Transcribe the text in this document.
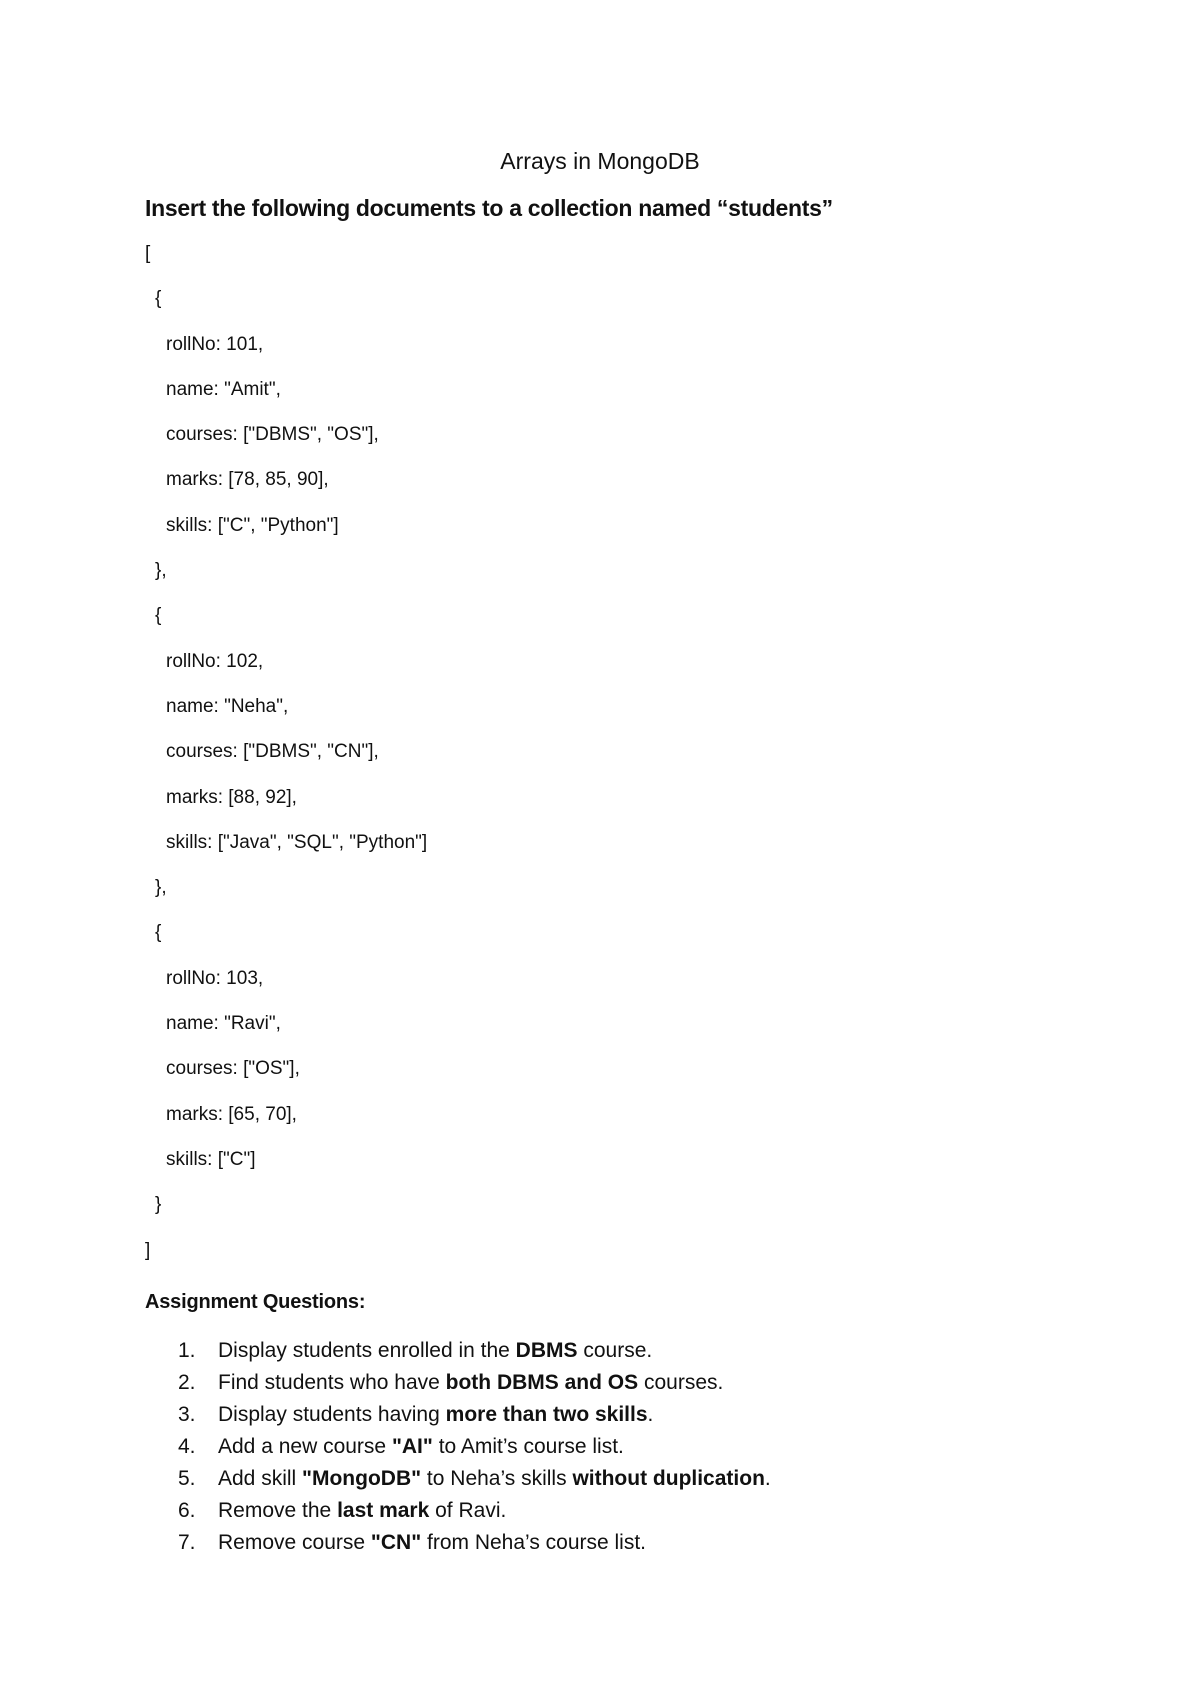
Arrays in MongoDB
Insert the following documents to a collection named “students”
[
{
rollNo: 101,
name: "Amit",
courses: ["DBMS", "OS"],
marks: [78, 85, 90],
skills: ["C", "Python"]
},
{
rollNo: 102,
name: "Neha",
courses: ["DBMS", "CN"],
marks: [88, 92],
skills: ["Java", "SQL", "Python"]
},
{
rollNo: 103,
name: "Ravi",
courses: ["OS"],
marks: [65, 70],
skills: ["C"]
}
]
Assignment Questions:
1.	Display students enrolled in the DBMS course.
2.	Find students who have both DBMS and OS courses.
3.	Display students having more than two skills.
4.	Add a new course "AI" to Amit’s course list.
5.	Add skill "MongoDB" to Neha’s skills without duplication.
6.	Remove the last mark of Ravi.
7.	Remove course "CN" from Neha’s course list.
